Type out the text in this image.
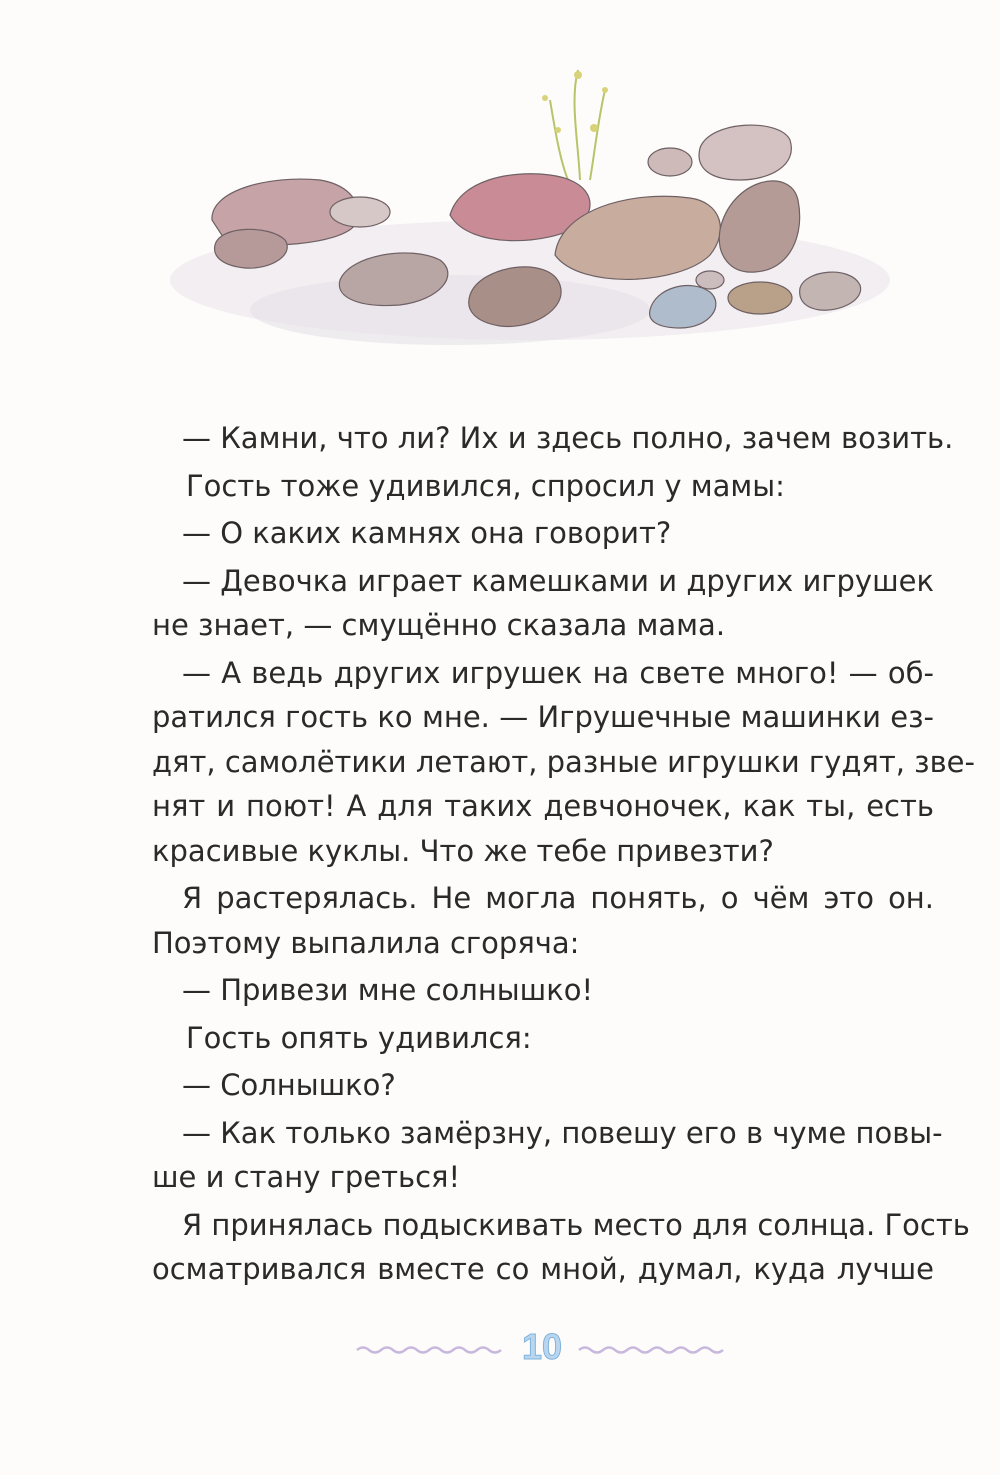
— Камни, что ли? Их и здесь полно, зачем возить.
Гость тоже удивился, спросил у мамы:
— О каких камнях она говорит?
— Девочка играет камешками и других игрушек
не знает, — смущённо сказала мама.
— А ведь других игрушек на свете много! — об-
ратился гость ко мне. — Игрушечные машинки ез-
дят, самолётики летают, разные игрушки гудят, зве-
нят и поют! А для таких девчоночек, как ты, есть
красивые куклы. Что же тебе привезти?
Я растерялась. Не могла понять, о чём это он.
Поэтому выпалила сгоряча:
— Привези мне солнышко!
Гость опять удивился:
— Солнышко?
— Как только замёрзну, повешу его в чуме повы-
ше и стану греться!
Я принялась подыскивать место для солнца. Гость
осматривался вместе со мной, думал, куда лучше
10
